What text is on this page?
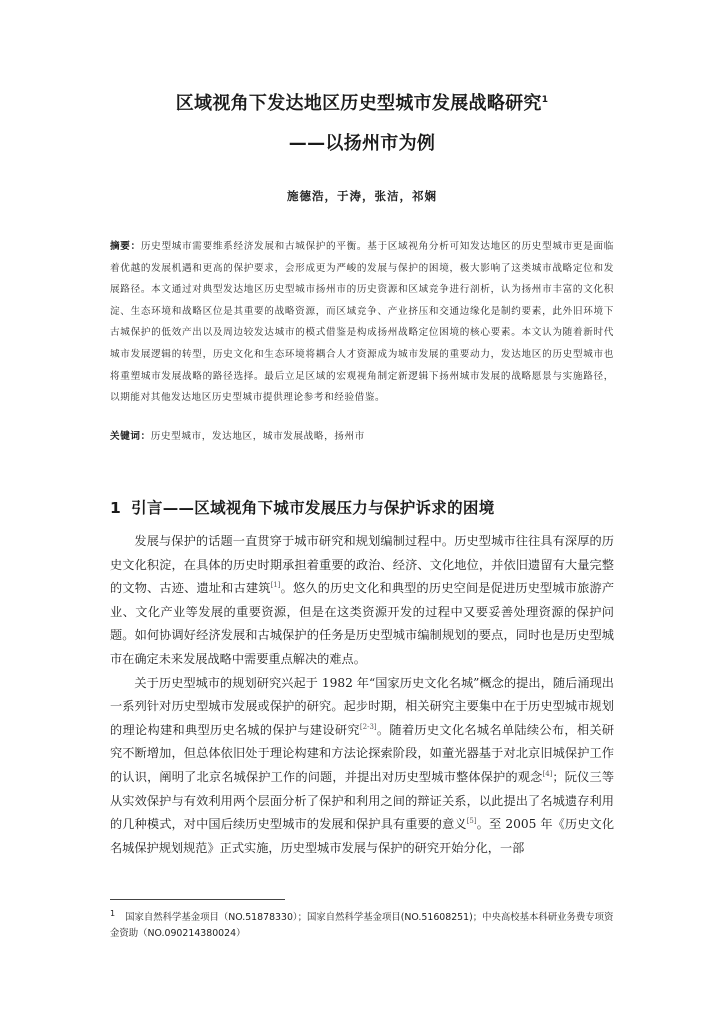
区域视角下发达地区历史型城市发展战略研究$^1$
——以扬州市为例
施德浩，于涛，张洁，祁娴
摘要：历史型城市需要维系经济发展和古城保护的平衡。基于区域视角分析可知发达地区的历史型城市更是面临着优越的发展机遇和更高的保护要求，会形成更为严峻的发展与保护的困境，极大影响了这类城市战略定位和发展路径。本文通过对典型发达地区历史型城市扬州市的历史资源和区域竞争进行剖析，认为扬州市丰富的文化积淀、生态环境和战略区位是其重要的战略资源，而区域竞争、产业挤压和交通边缘化是制约要素，此外旧环境下古城保护的低效产出以及周边较发达城市的模式借鉴是构成扬州战略定位困境的核心要素。本文认为随着新时代城市发展逻辑的转型，历史文化和生态环境将耦合人才资源成为城市发展的重要动力，发达地区的历史型城市也将重塑城市发展战略的路径选择。最后立足区域的宏观视角制定新逻辑下扬州城市发展的战略愿景与实施路径，以期能对其他发达地区历史型城市提供理论参考和经验借鉴。
关键词：历史型城市，发达地区，城市发展战略，扬州市
1 引言——区域视角下城市发展压力与保护诉求的困境

发展与保护的话题一直贯穿于城市研究和规划编制过程中。历史型城市往往具有深厚的历史文化积淀，在具体的历史时期承担着重要的政治、经济、文化地位，并依旧遗留有大量完整的文物、古迹、遗址和古建筑[1]。悠久的历史文化和典型的历史空间是促进历史型城市旅游产业、文化产业等发展的重要资源，但是在这类资源开发的过程中又要妥善处理资源的保护问题。如何协调好经济发展和古城保护的任务是历史型城市编制规划的要点，同时也是历史型城市在确定未来发展战略中需要重点解决的难点。

关于历史型城市的规划研究兴起于 1982 年“国家历史文化名城”概念的提出，随后涌现出一系列针对历史型城市发展或保护的研究。起步时期，相关研究主要集中在于历史型城市规划的理论构建和典型历史名城的保护与建设研究[2-3]。随着历史文化名城名单陆续公布，相关研究不断增加，但总体依旧处于理论构建和方法论探索阶段，如董光器基于对北京旧城保护工作的认识，阐明了北京名城保护工作的问题，并提出对历史型城市整体保护的观念[4]；阮仪三等从实效保护与有效利用两个层面分析了保护和利用之间的辩证关系，以此提出了名城遗存利用的几种模式，对中国后续历史型城市的发展和保护具有重要的意义[5]。至 2005 年《历史文化名城保护规划规范》正式实施，历史型城市发展与保护的研究开始分化，一部

1 国家自然科学基金项目（NO.51878330）；国家自然科学基金项目(NO.51608251)；中央高校基本科研业务费专项资金资助（NO.090214380024）
